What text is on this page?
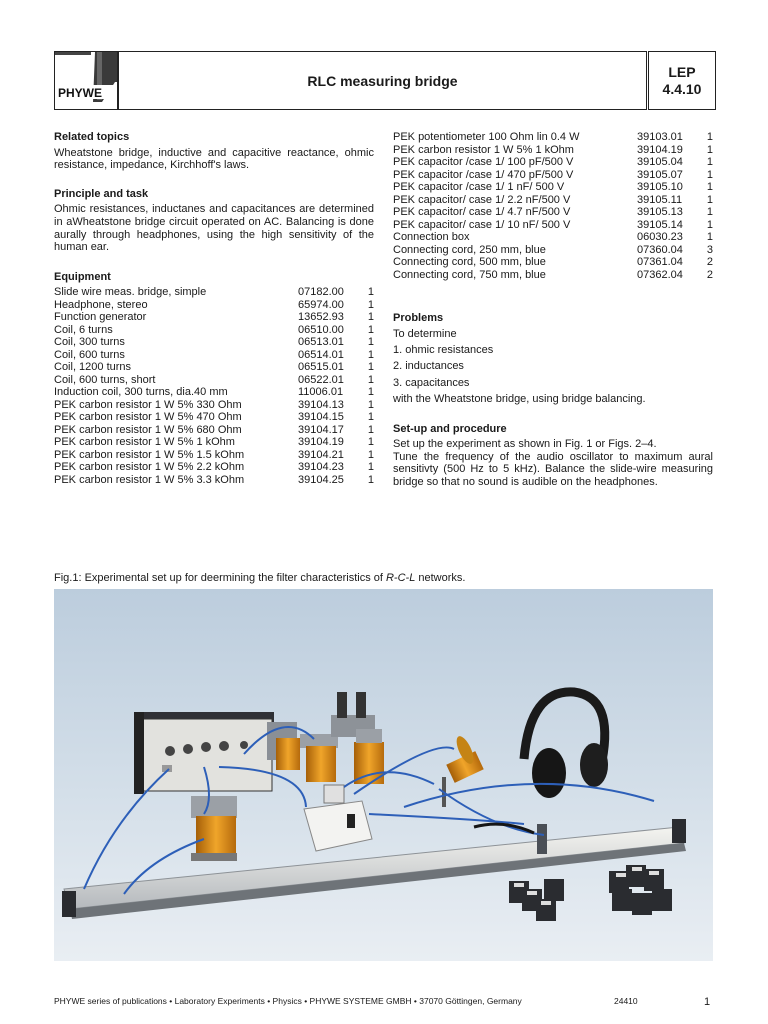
PHYWE
RLC measuring bridge
LEP
4.4.10

Related topics

Wheatstone bridge, inductive and capacitive reactance, ohmic resistance, impedance, Kirchhoff's laws.

Principle and task

Ohmic resistances, inductanes and capacitances are determined in aWheatstone bridge circuit operated on AC. Balancing is done aurally through headphones, using the high sensitivity of the human ear.

Equipment

Slide wire meas. bridge, simple	07182.00	1
Headphone, stereo	65974.00	1
Function generator	13652.93	1
Coil, 6 turns	06510.00	1
Coil, 300 turns	06513.01	1
Coil, 600 turns	06514.01	1
Coil, 1200 turns	06515.01	1
Coil, 600 turns, short	06522.01	1
Induction coil, 300 turns, dia.40 mm	11006.01	1
PEK carbon resistor 1 W 5% 330 Ohm	39104.13	1
PEK carbon resistor 1 W 5% 470 Ohm	39104.15	1
PEK carbon resistor 1 W 5% 680 Ohm	39104.17	1
PEK carbon resistor 1 W 5% 1 kOhm	39104.19	1
PEK carbon resistor 1 W 5% 1.5 kOhm	39104.21	1
PEK carbon resistor 1 W 5% 2.2 kOhm	39104.23	1
PEK carbon resistor 1 W 5% 3.3 kOhm	39104.25	1
PEK potentiometer 100 Ohm lin 0.4 W	39103.01	1
PEK carbon resistor 1 W 5% 1 kOhm	39104.19	1
PEK capacitor /case 1/ 100 pF/500 V	39105.04	1
PEK capacitor /case 1/ 470 pF/500 V	39105.07	1
PEK capacitor /case 1/ 1 nF/ 500 V	39105.10	1
PEK capacitor/ case 1/ 2.2 nF/500 V	39105.11	1
PEK capacitor/ case 1/ 4.7 nF/500 V	39105.13	1
PEK capacitor/ case 1/ 10 nF/ 500 V	39105.14	1
Connection box	06030.23	1
Connecting cord, 250 mm, blue	07360.04	3
Connecting cord, 500 mm, blue	07361.04	2
Connecting cord, 750 mm, blue	07362.04	2

Problems

To determine
1. ohmic resistances
2. inductances
3. capacitances
with the Wheatstone bridge, using bridge balancing.

Set-up and procedure

Set up the experiment as shown in Fig. 1 or Figs. 2–4.

Tune the frequency of the audio oscillator to maximum aural sensitivty (500 Hz to 5 kHz). Balance the slide-wire measuring bridge so that no sound is audible on the headphones.

Fig.1: Experimental set up for deermining the filter characteristics of R-C-L networks.
PHYWE series of publications • Laboratory Experiments • Physics • PHYWE SYSTEME GMBH • 37070 Göttingen, Germany	24410	1
